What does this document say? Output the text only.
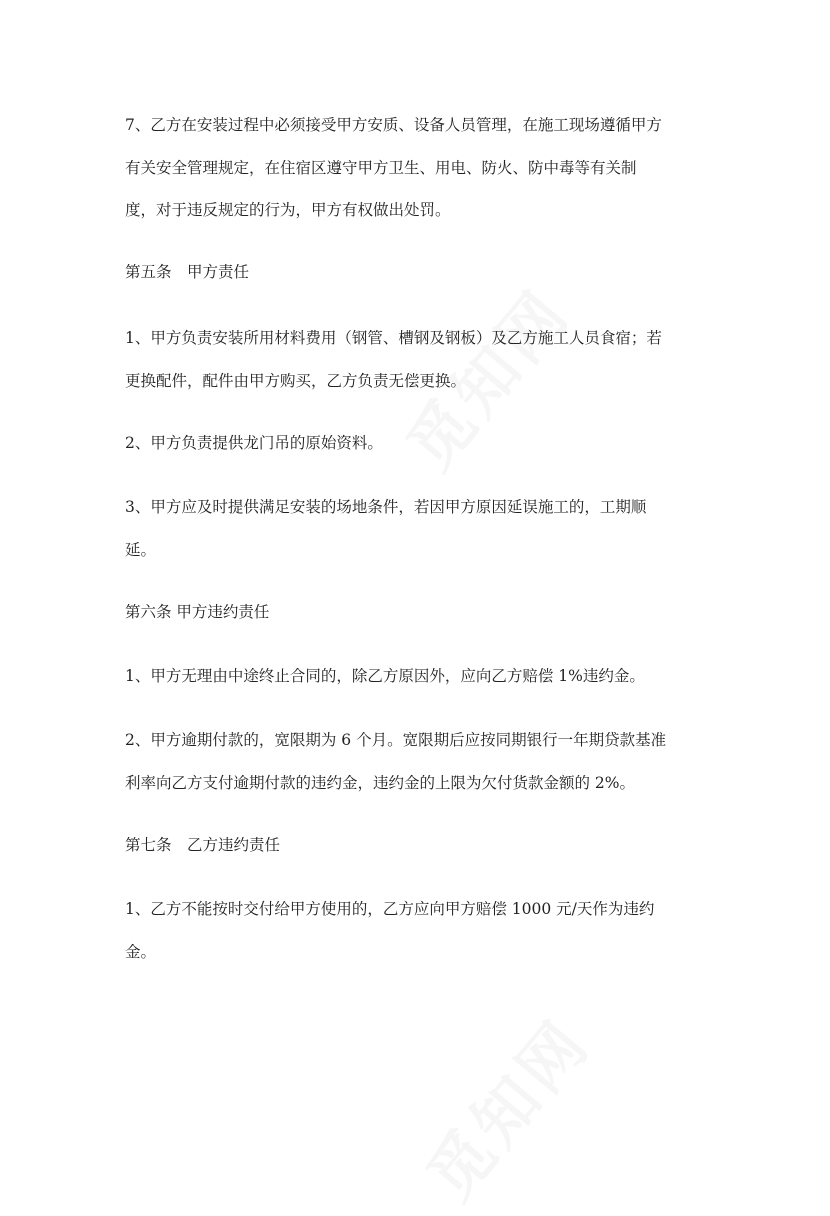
7、乙方在安装过程中必须接受甲方安质、设备人员管理，在施工现场遵循甲方
有关安全管理规定，在住宿区遵守甲方卫生、用电、防火、防中毒等有关制
度，对于违反规定的行为，甲方有权做出处罚。
第五条　甲方责任
1、甲方负责安装所用材料费用（钢管、槽钢及钢板）及乙方施工人员食宿；若
更换配件，配件由甲方购买，乙方负责无偿更换。
2、甲方负责提供龙门吊的原始资料。
3、甲方应及时提供满足安装的场地条件，若因甲方原因延误施工的，工期顺
延。
第六条 甲方违约责任
1、甲方无理由中途终止合同的，除乙方原因外，应向乙方赔偿 1%违约金。
2、甲方逾期付款的，宽限期为 6 个月。宽限期后应按同期银行一年期贷款基准
利率向乙方支付逾期付款的违约金，违约金的上限为欠付货款金额的 2%。
第七条　乙方违约责任
1、乙方不能按时交付给甲方使用的，乙方应向甲方赔偿 1000 元/天作为违约
金。
